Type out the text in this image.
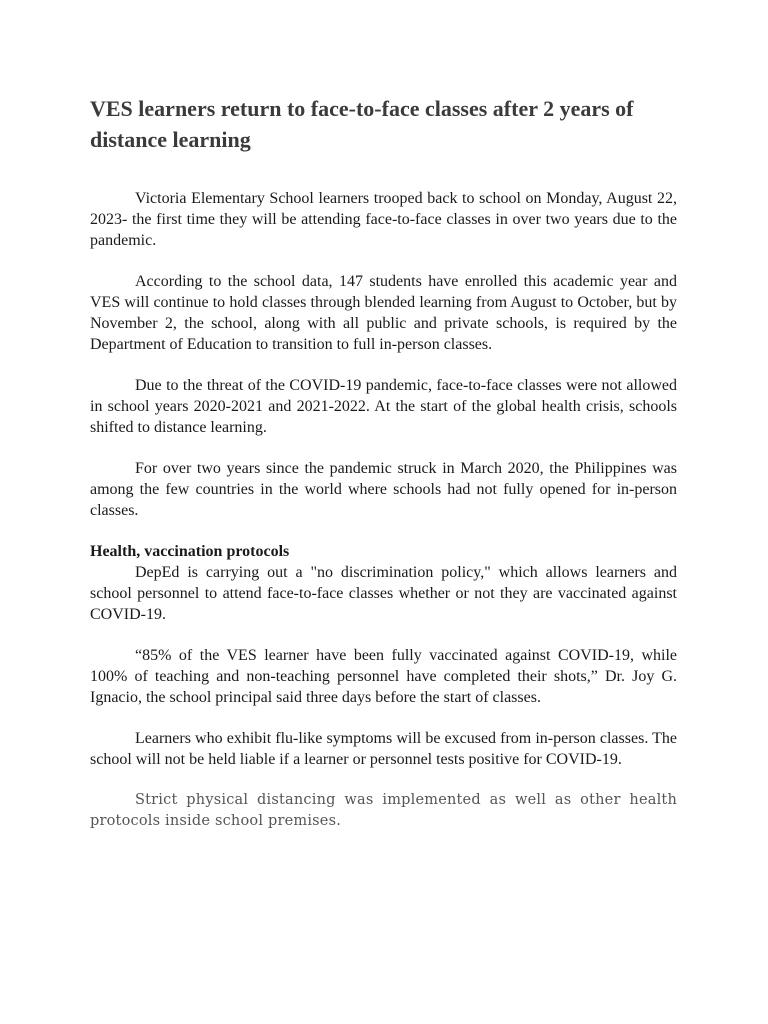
VES learners return to face-to-face classes after 2 years of distance learning

Victoria Elementary School learners trooped back to school on Monday, August 22, 2023- the first time they will be attending face-to-face classes in over two years due to the pandemic.

According to the school data, 147 students have enrolled this academic year and VES will continue to hold classes through blended learning from August to October, but by November 2, the school, along with all public and private schools, is required by the Department of Education to transition to full in-person classes.

Due to the threat of the COVID-19 pandemic, face-to-face classes were not allowed in school years 2020-2021 and 2021-2022. At the start of the global health crisis, schools shifted to distance learning.

For over two years since the pandemic struck in March 2020, the Philippines was among the few countries in the world where schools had not fully opened for in-person classes.

Health, vaccination protocols

DepEd is carrying out a "no discrimination policy," which allows learners and school personnel to attend face-to-face classes whether or not they are vaccinated against COVID-19.

“85% of the VES learner have been fully vaccinated against COVID-19, while 100% of teaching and non-teaching personnel have completed their shots,” Dr. Joy G. Ignacio, the school principal said three days before the start of classes.

Learners who exhibit flu-like symptoms will be excused from in-person classes. The school will not be held liable if a learner or personnel tests positive for COVID-19.

Strict physical distancing was implemented as well as other health protocols inside school premises.
